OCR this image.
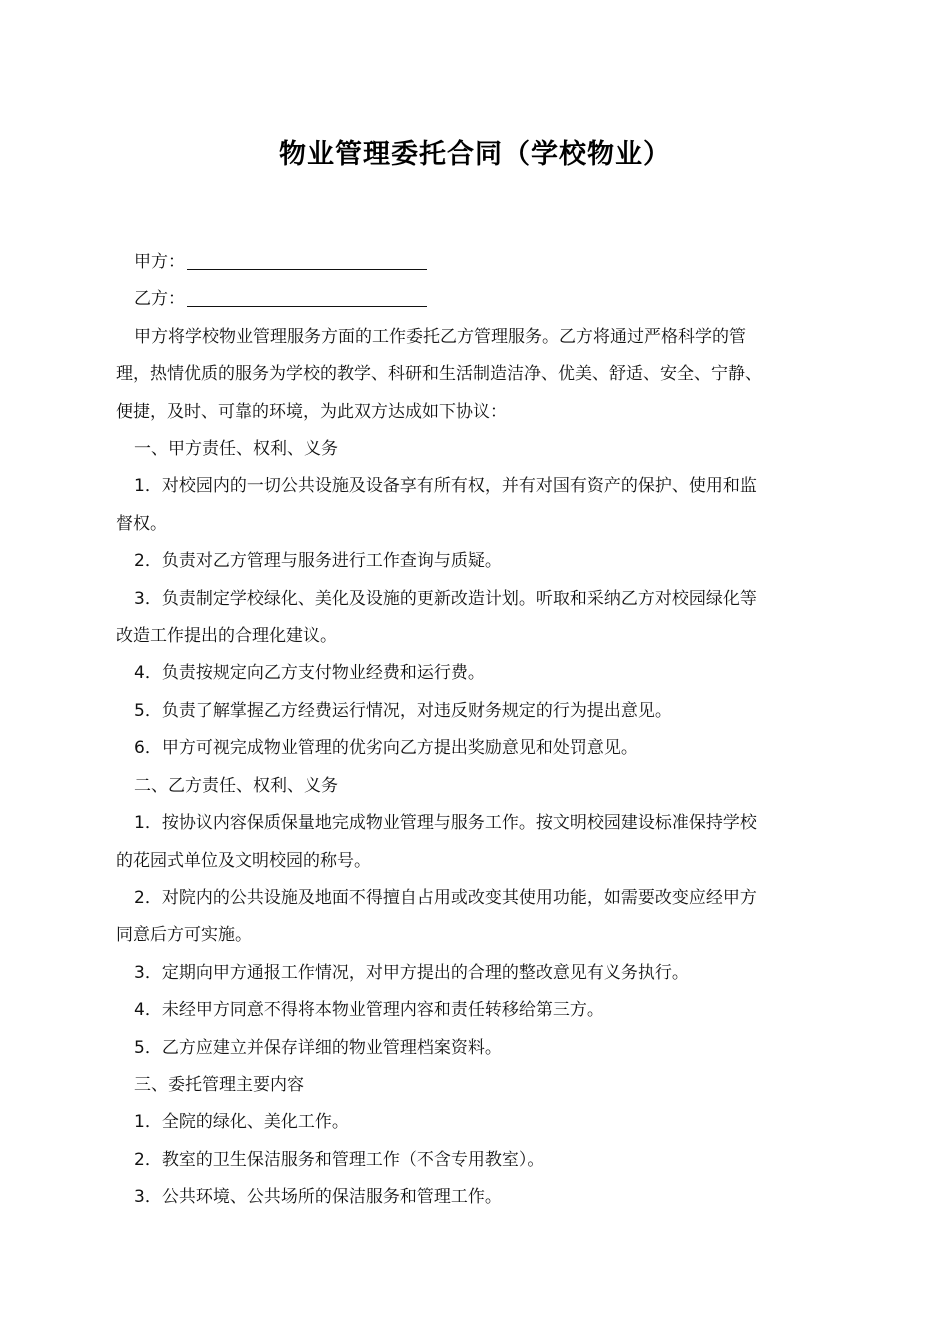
物业管理委托合同（学校物业）

甲方：

乙方：

甲方将学校物业管理服务方面的工作委托乙方管理服务。乙方将通过严格科学的管

理，热情优质的服务为学校的教学、科研和生活制造洁净、优美、舒适、安全、宁静、

便捷，及时、可靠的环境，为此双方达成如下协议：

一、甲方责任、权利、义务

1．对校园内的一切公共设施及设备享有所有权，并有对国有资产的保护、使用和监

督权。

2．负责对乙方管理与服务进行工作查询与质疑。

3．负责制定学校绿化、美化及设施的更新改造计划。听取和采纳乙方对校园绿化等

改造工作提出的合理化建议。

4．负责按规定向乙方支付物业经费和运行费。

5．负责了解掌握乙方经费运行情况，对违反财务规定的行为提出意见。

6．甲方可视完成物业管理的优劣向乙方提出奖励意见和处罚意见。

二、乙方责任、权利、义务

1．按协议内容保质保量地完成物业管理与服务工作。按文明校园建设标准保持学校

的花园式单位及文明校园的称号。

2．对院内的公共设施及地面不得擅自占用或改变其使用功能，如需要改变应经甲方

同意后方可实施。

3．定期向甲方通报工作情况，对甲方提出的合理的整改意见有义务执行。

4．未经甲方同意不得将本物业管理内容和责任转移给第三方。

5．乙方应建立并保存详细的物业管理档案资料。

三、委托管理主要内容

1．全院的绿化、美化工作。

2．教室的卫生保洁服务和管理工作（不含专用教室）。

3．公共环境、公共场所的保洁服务和管理工作。
